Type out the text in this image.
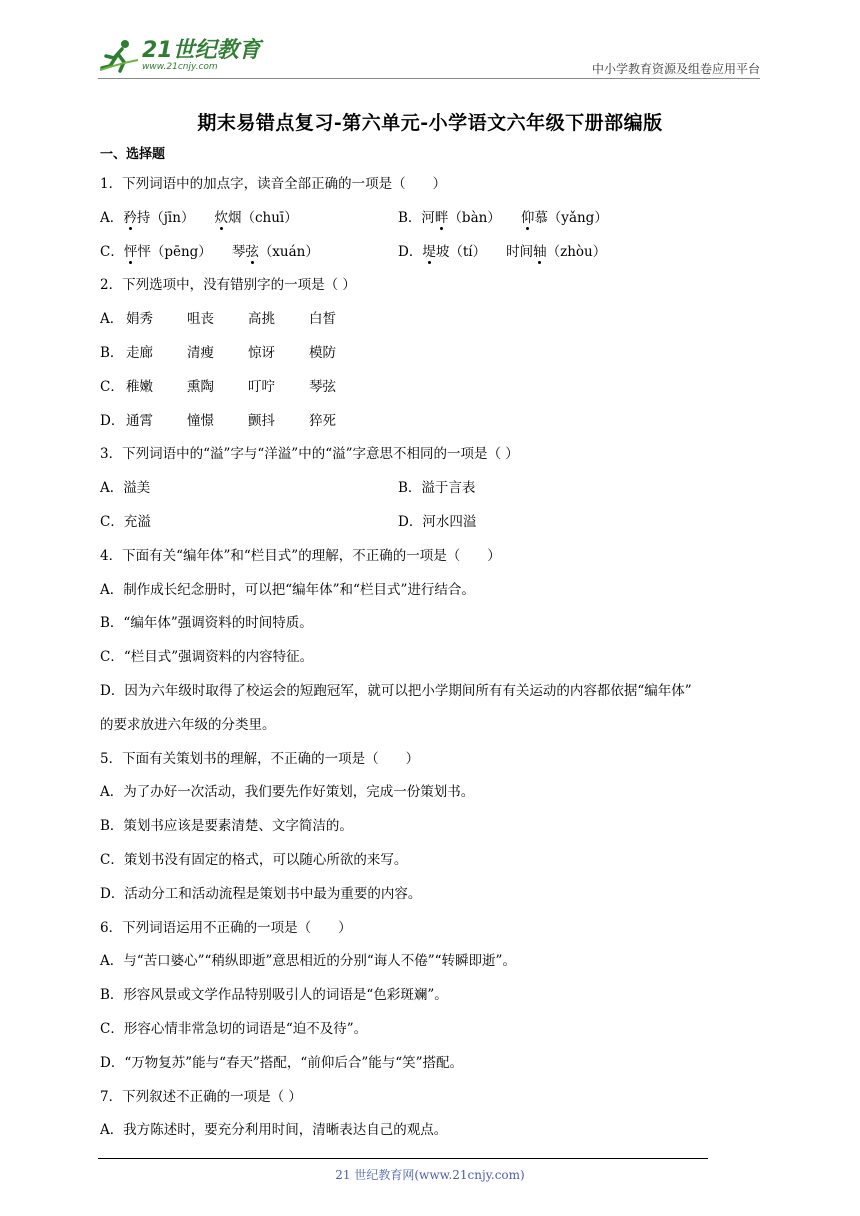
21世纪教育
www.21cnjy.com	中小学教育资源及组卷应用平台
期末易错点复习-第六单元-小学语文六年级下册部编版
一、选择题
1．下列词语中的加点字，读音全部正确的一项是（　　）
A．矜持（jīn） 炊烟（chuī）	B．河畔（bàn） 仰慕（yǎng）
C．怦怦（pēng） 琴弦（xuán）	D．堤坡（tí） 时间轴（zhòu）
2．下列选项中，没有错别字的一项是（ ）
A． 娟秀	咀丧	高挑	白皙
B． 走廊	清瘦	惊讶	模防
C． 稚嫩	熏陶	叮咛	琴弦
D． 通霄	憧憬	颤抖	猝死
3．下列词语中的“溢”字与“洋溢”中的“溢”字意思不相同的一项是（ ）
A．溢美	B．溢于言表
C．充溢	D．河水四溢
4．下面有关“编年体”和“栏目式”的理解，不正确的一项是（　　）
A．制作成长纪念册时，可以把“编年体”和“栏目式”进行结合。
B．“编年体”强调资料的时间特质。
C．“栏目式”强调资料的内容特征。
D．因为六年级时取得了校运会的短跑冠军，就可以把小学期间所有有关运动的内容都依据“编年体”
的要求放进六年级的分类里。
5．下面有关策划书的理解，不正确的一项是（　　）
A．为了办好一次活动，我们要先作好策划，完成一份策划书。
B．策划书应该是要素清楚、文字简洁的。
C．策划书没有固定的格式，可以随心所欲的来写。
D．活动分工和活动流程是策划书中最为重要的内容。
6．下列词语运用不正确的一项是（　　）
A．与“苦口婆心”“稍纵即逝”意思相近的分别“诲人不倦”“转瞬即逝”。
B．形容风景或文学作品特别吸引人的词语是“色彩斑斓”。
C．形容心情非常急切的词语是“迫不及待”。
D．“万物复苏”能与“春天”搭配，“前仰后合”能与“笑”搭配。
7．下列叙述不正确的一项是（ ）
A．我方陈述时，要充分利用时间，清晰表达自己的观点。
21 世纪教育网(www.21cnjy.com)
